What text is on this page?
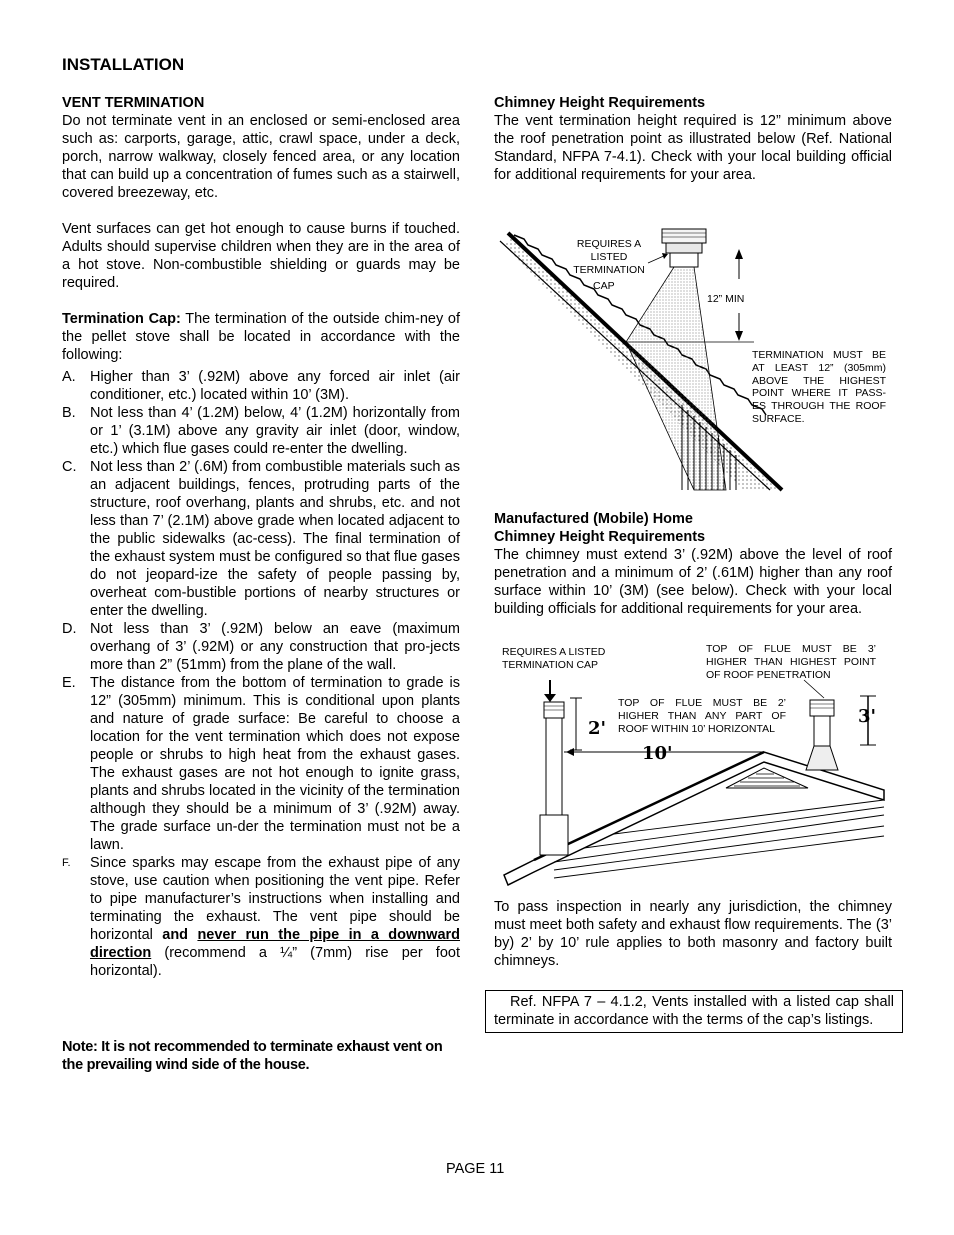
INSTALLATION
VENT TERMINATION
Do not terminate vent in an enclosed or semi-enclosed area such as: carports, garage, attic, crawl space, under a deck, porch, narrow walkway, closely fenced area, or any location that can build up a concentration of fumes such as a stairwell, covered breezeway, etc.
Vent surfaces can get hot enough to cause burns if touched. Adults should supervise children when they are in the area of a hot stove. Non-combustible shielding or guards may be required.
Termination Cap: The termination of the outside chim-ney of the pellet stove shall be located in accordance with the following:
A. Higher than 3’ (.92M) above any forced air inlet (air conditioner, etc.) located within 10’ (3M).
B. Not less than 4’ (1.2M) below, 4’ (1.2M) horizontally from or 1’ (3.1M) above any gravity air inlet (door, window, etc.) which flue gases could re-enter the dwelling.
C. Not less than 2’ (.6M) from combustible materials such as an adjacent buildings, fences, protruding parts of the structure, roof overhang, plants and shrubs, etc. and not less than 7’ (2.1M) above grade when located adjacent to the public sidewalks (ac-cess). The final termination of the exhaust system must be configured so that flue gases do not jeopard-ize the safety of people passing by, overheat com-bustible portions of nearby structures or enter the dwelling.
D. Not less than 3’ (.92M) below an eave (maximum overhang of 3’ (.92M) or any construction that pro-jects more than 2” (51mm) from the plane of the wall.
E. The distance from the bottom of termination to grade is 12” (305mm) minimum. This is conditional upon plants and nature of grade surface: Be careful to choose a location for the vent termination which does not expose people or shrubs to high heat from the exhaust gases. The exhaust gases are not hot enough to ignite grass, plants and shrubs located in the vicinity of the termination although they should be a minimum of 3’ (.92M) away. The grade surface un-der the termination must not be a lawn.
F. Since sparks may escape from the exhaust pipe of any stove, use caution when positioning the vent pipe. Refer to pipe manufacturer’s instructions when installing and terminating the exhaust. The vent pipe should be horizontal and never run the pipe in a downward direction (recommend a ¼” (7mm) rise per foot horizontal).
Note: It is not recommended to terminate exhaust vent on the prevailing wind side of the house.
Chimney Height Requirements
The vent termination height required is 12” minimum above the roof penetration point as illustrated below (Ref. National Standard, NFPA 7-4.1). Check with your local building official for additional requirements for your area.
REQUIRES A
LISTED
TERMINATION
CAP
12” MIN
TERMINATION MUST BE
AT LEAST 12” (305mm)
ABOVE THE HIGHEST
POINT WHERE IT PASS-
ES THROUGH THE ROOF
SURFACE.
Manufactured (Mobile) Home
Chimney Height Requirements
The chimney must extend 3’ (.92M) above the level of roof penetration and a minimum of 2’ (.61M) higher than any roof surface within 10’ (3M) (see below). Check with your local building officials for additional requirements for your area.
REQUIRES A LISTED
TERMINATION CAP
TOP OF FLUE MUST BE 3’
HIGHER THAN HIGHEST POINT
OF ROOF PENETRATION
TOP OF FLUE MUST BE 2’
HIGHER THAN ANY PART OF
ROOF WITHIN 10’ HORIZONTAL
2'
10'
3'
To pass inspection in nearly any jurisdiction, the chimney must meet both safety and exhaust flow requirements. The (3’ by) 2’ by 10’ rule applies to both masonry and factory built chimneys.
Ref. NFPA 7 – 4.1.2, Vents installed with a listed cap shall terminate in accordance with the terms of the cap’s listings.
PAGE 11
